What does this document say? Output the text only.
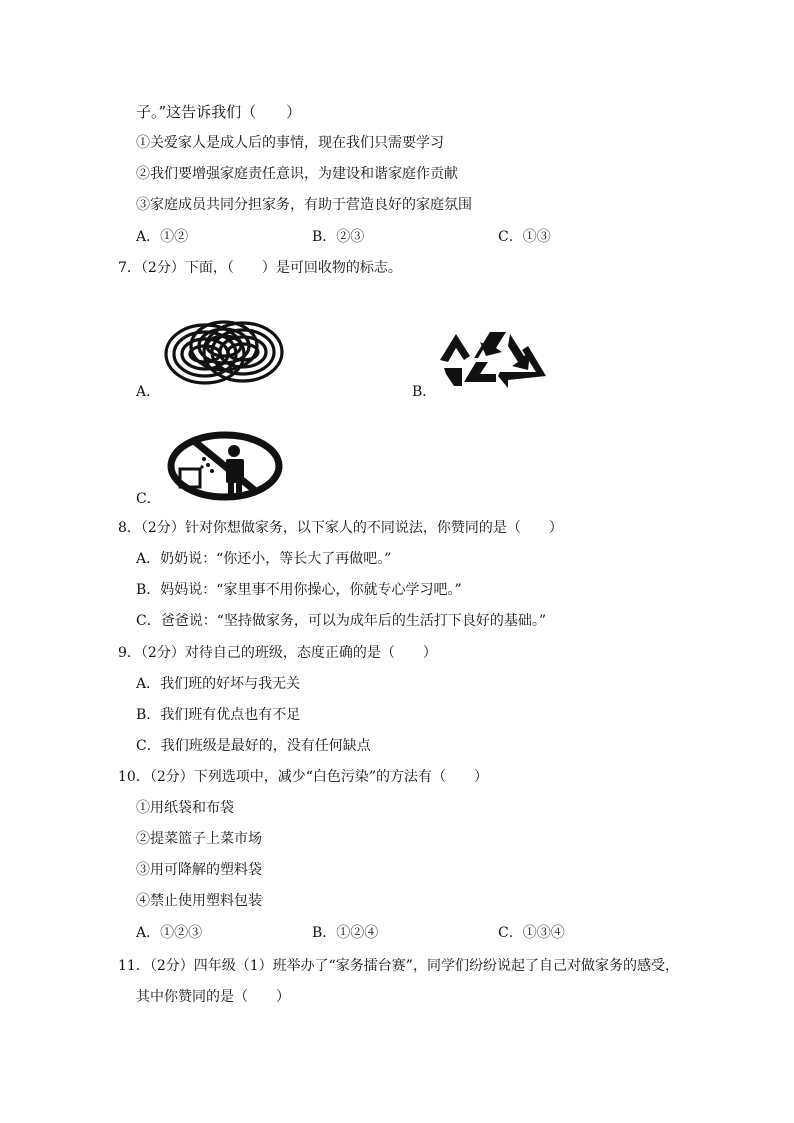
子。”这告诉我们（　　）
①关爱家人是成人后的事情，现在我们只需要学习
②我们要增强家庭责任意识，为建设和谐家庭作贡献
③家庭成员共同分担家务，有助于营造良好的家庭氛围
A．①②	B．②③	C．①③
7．（2分）下面，（　　）是可回收物的标志。
A．	B．
C．
8．（2分）针对你想做家务，以下家人的不同说法，你赞同的是（　　）
A．奶奶说：“你还小，等长大了再做吧。”
B．妈妈说：“家里事不用你操心，你就专心学习吧。”
C．爸爸说：“坚持做家务，可以为成年后的生活打下良好的基础。”
9．（2分）对待自己的班级，态度正确的是（　　）
A．我们班的好坏与我无关
B．我们班有优点也有不足
C．我们班级是最好的，没有任何缺点
10．（2分）下列选项中，减少“白色污染”的方法有（　　）
①用纸袋和布袋
②提菜篮子上菜市场
③用可降解的塑料袋
④禁止使用塑料包装
A．①②③	B．①②④	C．①③④
11．（2分）四年级（1）班举办了“家务擂台赛”，同学们纷纷说起了自己对做家务的感受，
其中你赞同的是（　　）
